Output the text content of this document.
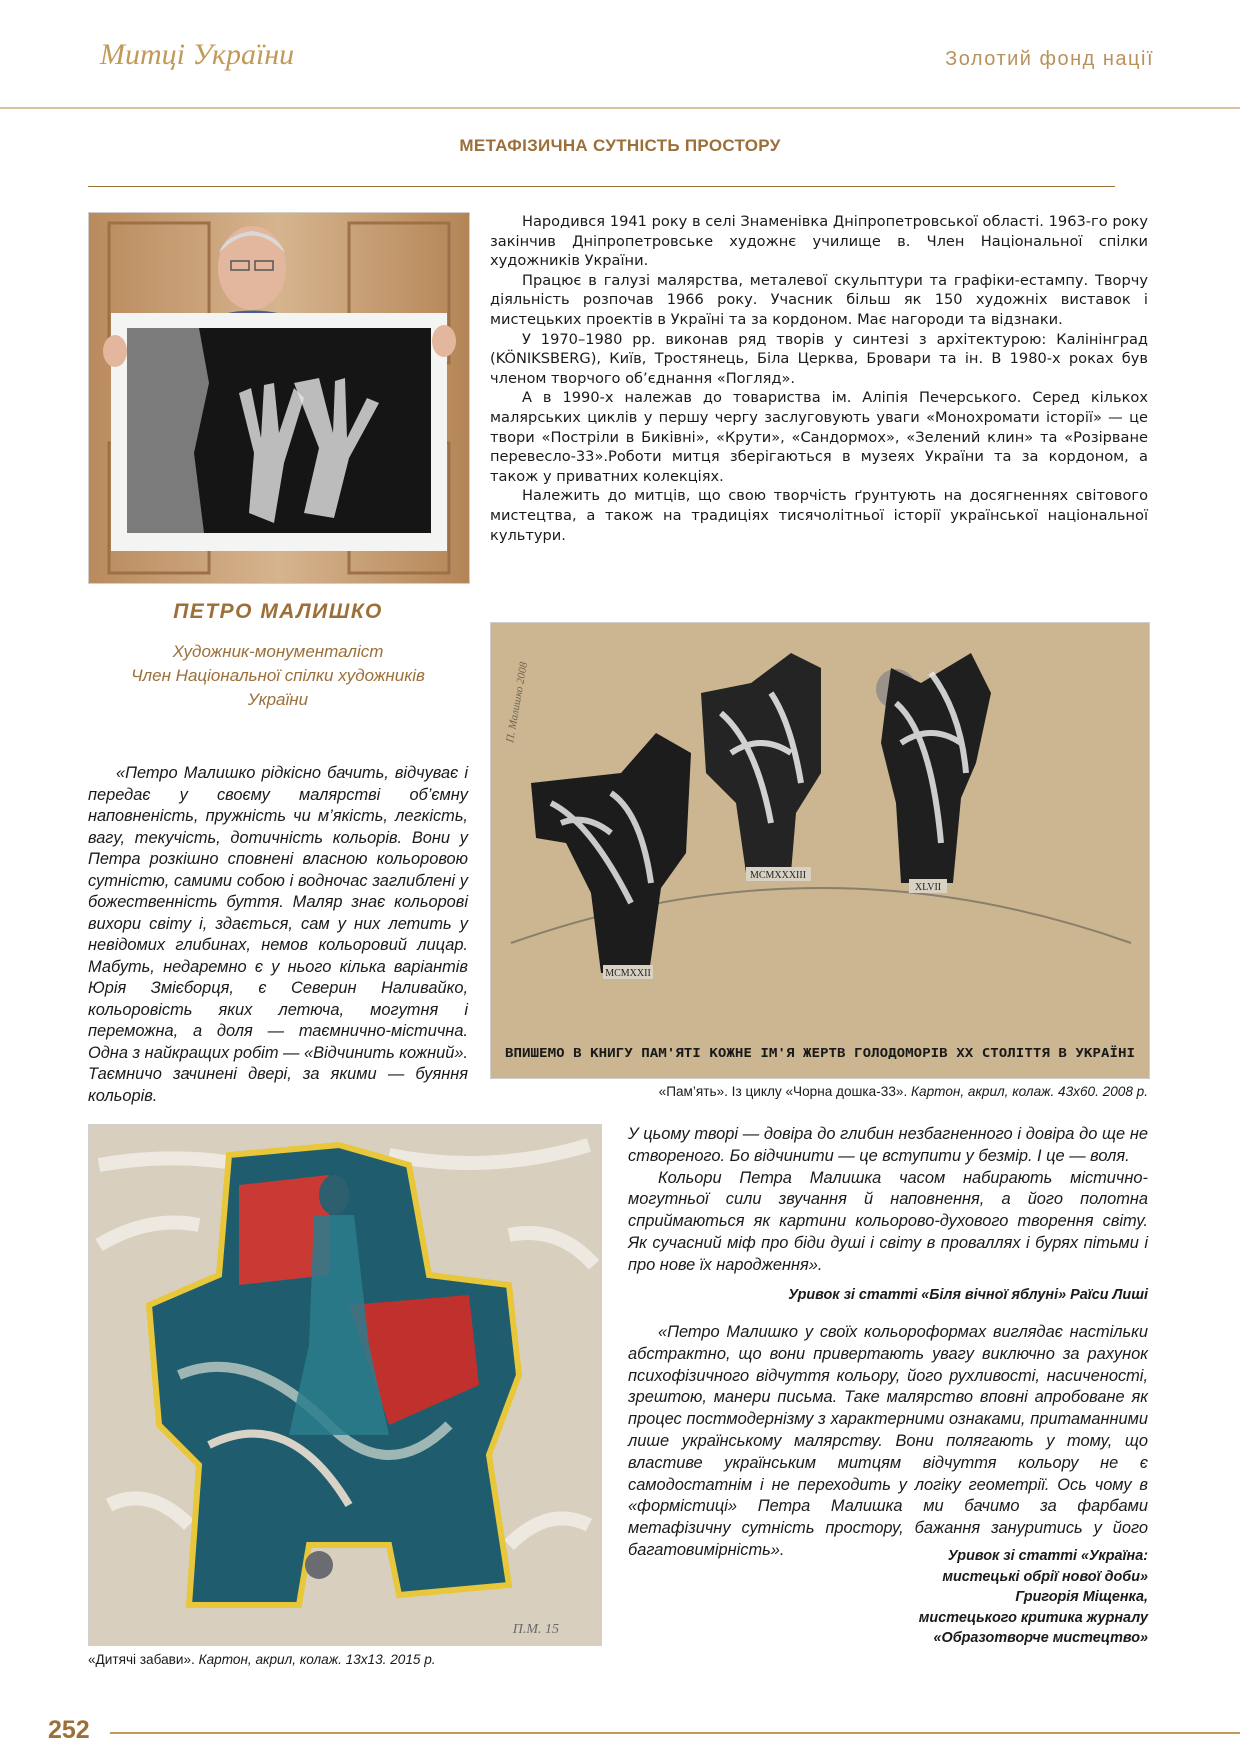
Митці України	Золотий фонд нації
МЕТАФІЗИЧНА СУТНІСТЬ ПРОСТОРУ
ПЕТРО МАЛИШКО
Художник-монументаліст
Член Національної спілки художників
України

Народився 1941 року в селі Знаменівка Дніпропетровської області. 1963-го року закінчив Дніпропетровське художнє училище в. Член Національної спілки художників України.

Працює в галузі малярства, металевої скульптури та графіки-естампу. Творчу діяльність розпочав 1966 року. Учасник більш як 150 художніх виставок і мистецьких проектів в Україні та за кордоном. Має нагороди та відзнаки.

У 1970–1980 рр. виконав ряд творів у синтезі з архітектурою: Калінінград (KÖNIKSBERG), Київ, Тростянець, Біла Церква, Бровари та ін. В 1980-х роках був членом творчого об’єднання «Погляд».

А в 1990-х належав до товариства ім. Аліпія Печерського. Серед кількох малярських циклів у першу чергу заслуговують уваги «Монохромати історії» — це твори «Постріли в Биківні», «Крути», «Сандормох», «Зелений клин» та «Розірване перевесло-33».Роботи митця зберігаються в музеях України та за кордоном, а також у приватних колекціях.

Належить до митців, що свою творчість ґрунтують на досягненнях світового мистецтва, а також на традиціях тисячолітньої історії української національної культури.

«Петро Малишко рідкісно бачить, відчуває і передає у своєму малярстві об’ємну наповненість, пружність чи м’якість, легкість, вагу, текучість, дотичність кольорів. Вони у Петра розкішно сповнені власною кольоровою сутністю, самими собою і водночас заглиблені у божественність буття. Маляр знає кольорові вихори світу і, здається, сам у них летить у невідомих глибинах, немов кольоровий лицар. Мабуть, недаремно є у нього кілька варіантів Юрія Змієборця, є Северин Наливайко, кольоровість яких летюча, могутня і переможна, а доля — таємнично-містична. Одна з найкращих робіт — «Відчинить кожний». Таємничо зачинені двері, за якими — буяння кольорів.

MCMXXII
MCMXXXIII
XLVII
П. Малишко 2008
ВПИШЕМО В КНИГУ ПАМ'ЯТІ КОЖНЕ ІМ'Я ЖЕРТВ ГОЛОДОМОРІВ ХХ СТОЛІТТЯ В УКРАЇНІ
«Пам’ять». Із циклу «Чорна дошка-33». Картон, акрил, колаж. 43х60. 2008 р.
П.М. 15
«Дитячі забави». Картон, акрил, колаж. 13х13. 2015 р.

У цьому творі — довіра до глибин незбагненного і довіра до ще не створеного. Бо відчинити — це вступити у безмір. І це — воля.

Кольори Петра Малишка часом набирають містично-могутньої сили звучання й наповнення, а його полотна сприймаються як картини кольорово-духового творення світу. Як сучасний міф про біди душі і світу в проваллях і бурях пітьми і про нове їх народження».

Уривок зі статті «Біля вічної яблуні» Раїси Лиші

«Петро Малишко у своїх кольороформах виглядає настільки абстрактно, що вони привертають увагу виключно за рахунок психофізичного відчуття кольору, його рухливості, насиченості, зрештою, манери письма. Таке малярство вповні апробоване як процес постмодернізму з характерними ознаками, притаманними лише українському малярству. Вони полягають у тому, що властиве українським митцям відчуття кольору не є самодостатнім і не переходить у логіку геометрії. Ось чому в «формістиці» Петра Малишка ми бачимо за фарбами метафізичну сутність простору, бажання зануритись у його багатовимірність».	Уривок зі статті «Україна:
мистецькі обрії нової доби»
Григорія Міщенка,
мистецького критика журналу
«Образотворче мистецтво»
252
